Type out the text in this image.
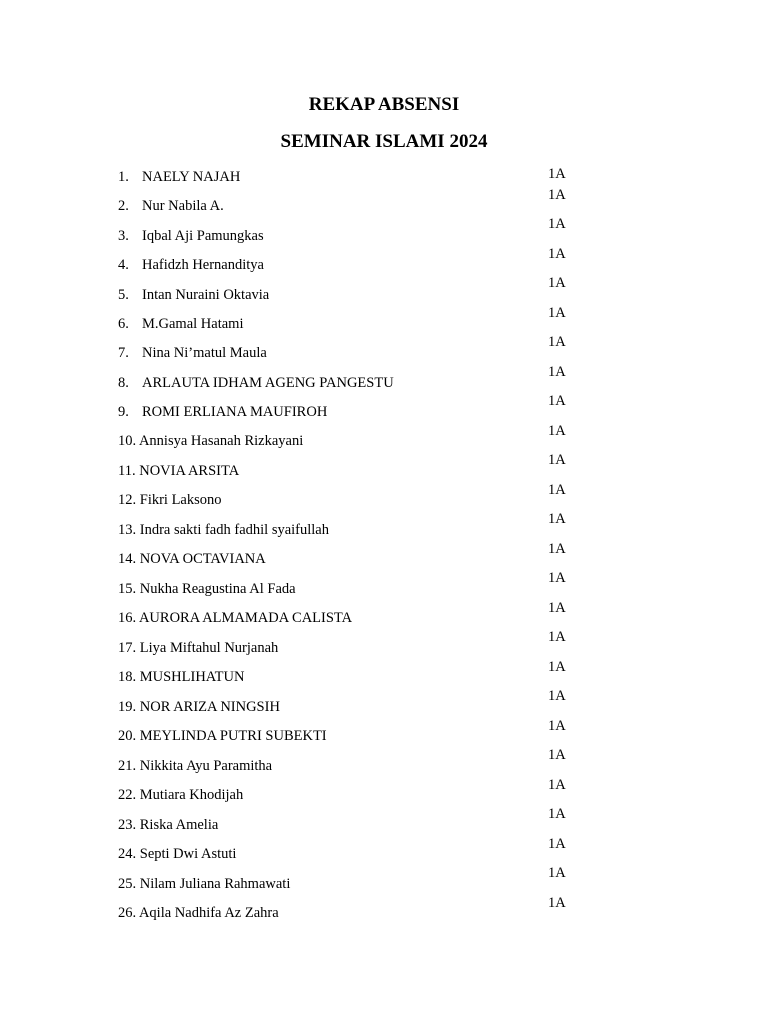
REKAP ABSENSI
SEMINAR ISLAMI 2024
1. NAELY NAJAH
2. Nur Nabila A.
3. Iqbal Aji Pamungkas
4. Hafidzh Hernanditya
5. Intan Nuraini Oktavia
6. M.Gamal Hatami
7. Nina Ni’matul Maula
8. ARLAUTA IDHAM AGENG PANGESTU
9. ROMI ERLIANA MAUFIROH
10. Annisya Hasanah Rizkayani
11. NOVIA ARSITA
12. Fikri Laksono
13. Indra sakti fadh fadhil syaifullah
14. NOVA OCTAVIANA
15. Nukha Reagustina Al Fada
16. AURORA ALMAMADA CALISTA
17. Liya Miftahul Nurjanah
18. MUSHLIHATUN
19. NOR ARIZA NINGSIH
20. MEYLINDA PUTRI SUBEKTI
21. Nikkita Ayu Paramitha
22. Mutiara Khodijah
23. Riska Amelia
24. Septi Dwi Astuti
25. Nilam Juliana Rahmawati
26. Aqila Nadhifa Az Zahra
1A
1A
1A
1A
1A
1A
1A
1A
1A
1A
1A
1A
1A
1A
1A
1A
1A
1A
1A
1A
1A
1A
1A
1A
1A
1A
